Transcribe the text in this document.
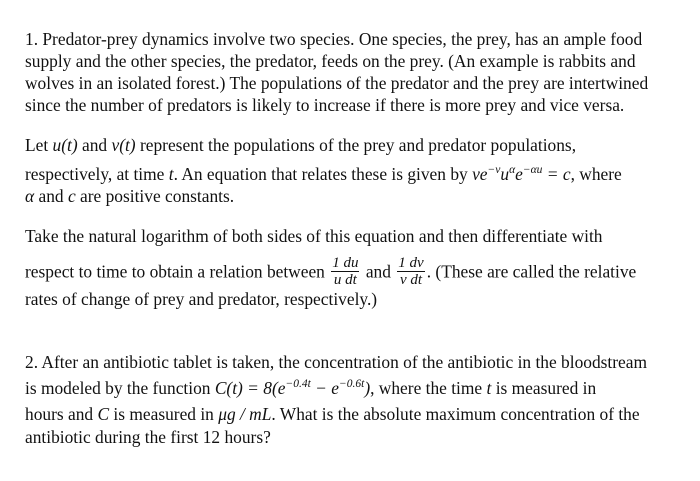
1. Predator-prey dynamics involve two species. One species, the prey, has an ample food
supply and the other species, the predator, feeds on the prey. (An example is rabbits and
wolves in an isolated forest.) The populations of the predator and the prey are intertwined
since the number of predators is likely to increase if there is more prey and vice versa.
Let u(t) and v(t) represent the populations of the prey and predator populations,
respectively, at time t. An equation that relates these is given by $ve^{-v}u^\alpha e^{-\alpha u} = c$, where
α and c are positive constants.
Take the natural logarithm of both sides of this equation and then differentiate with
respect to time to obtain a relation between $\frac{1 du}{\text{u dt}}$ and $\frac{1 dv}{\text{v dt}}$ . (These are called the relative
rates of change of prey and predator, respectively.)
2. After an antibiotic tablet is taken, the concentration of the antibiotic in the bloodstream
is modeled by the function $C(t) = 8(e^{-0.4t} - e^{-0.6t})$, where the time t is measured in
hours and C is measured in μg / mL. What is the absolute maximum concentration of the
antibiotic during the first 12 hours?
